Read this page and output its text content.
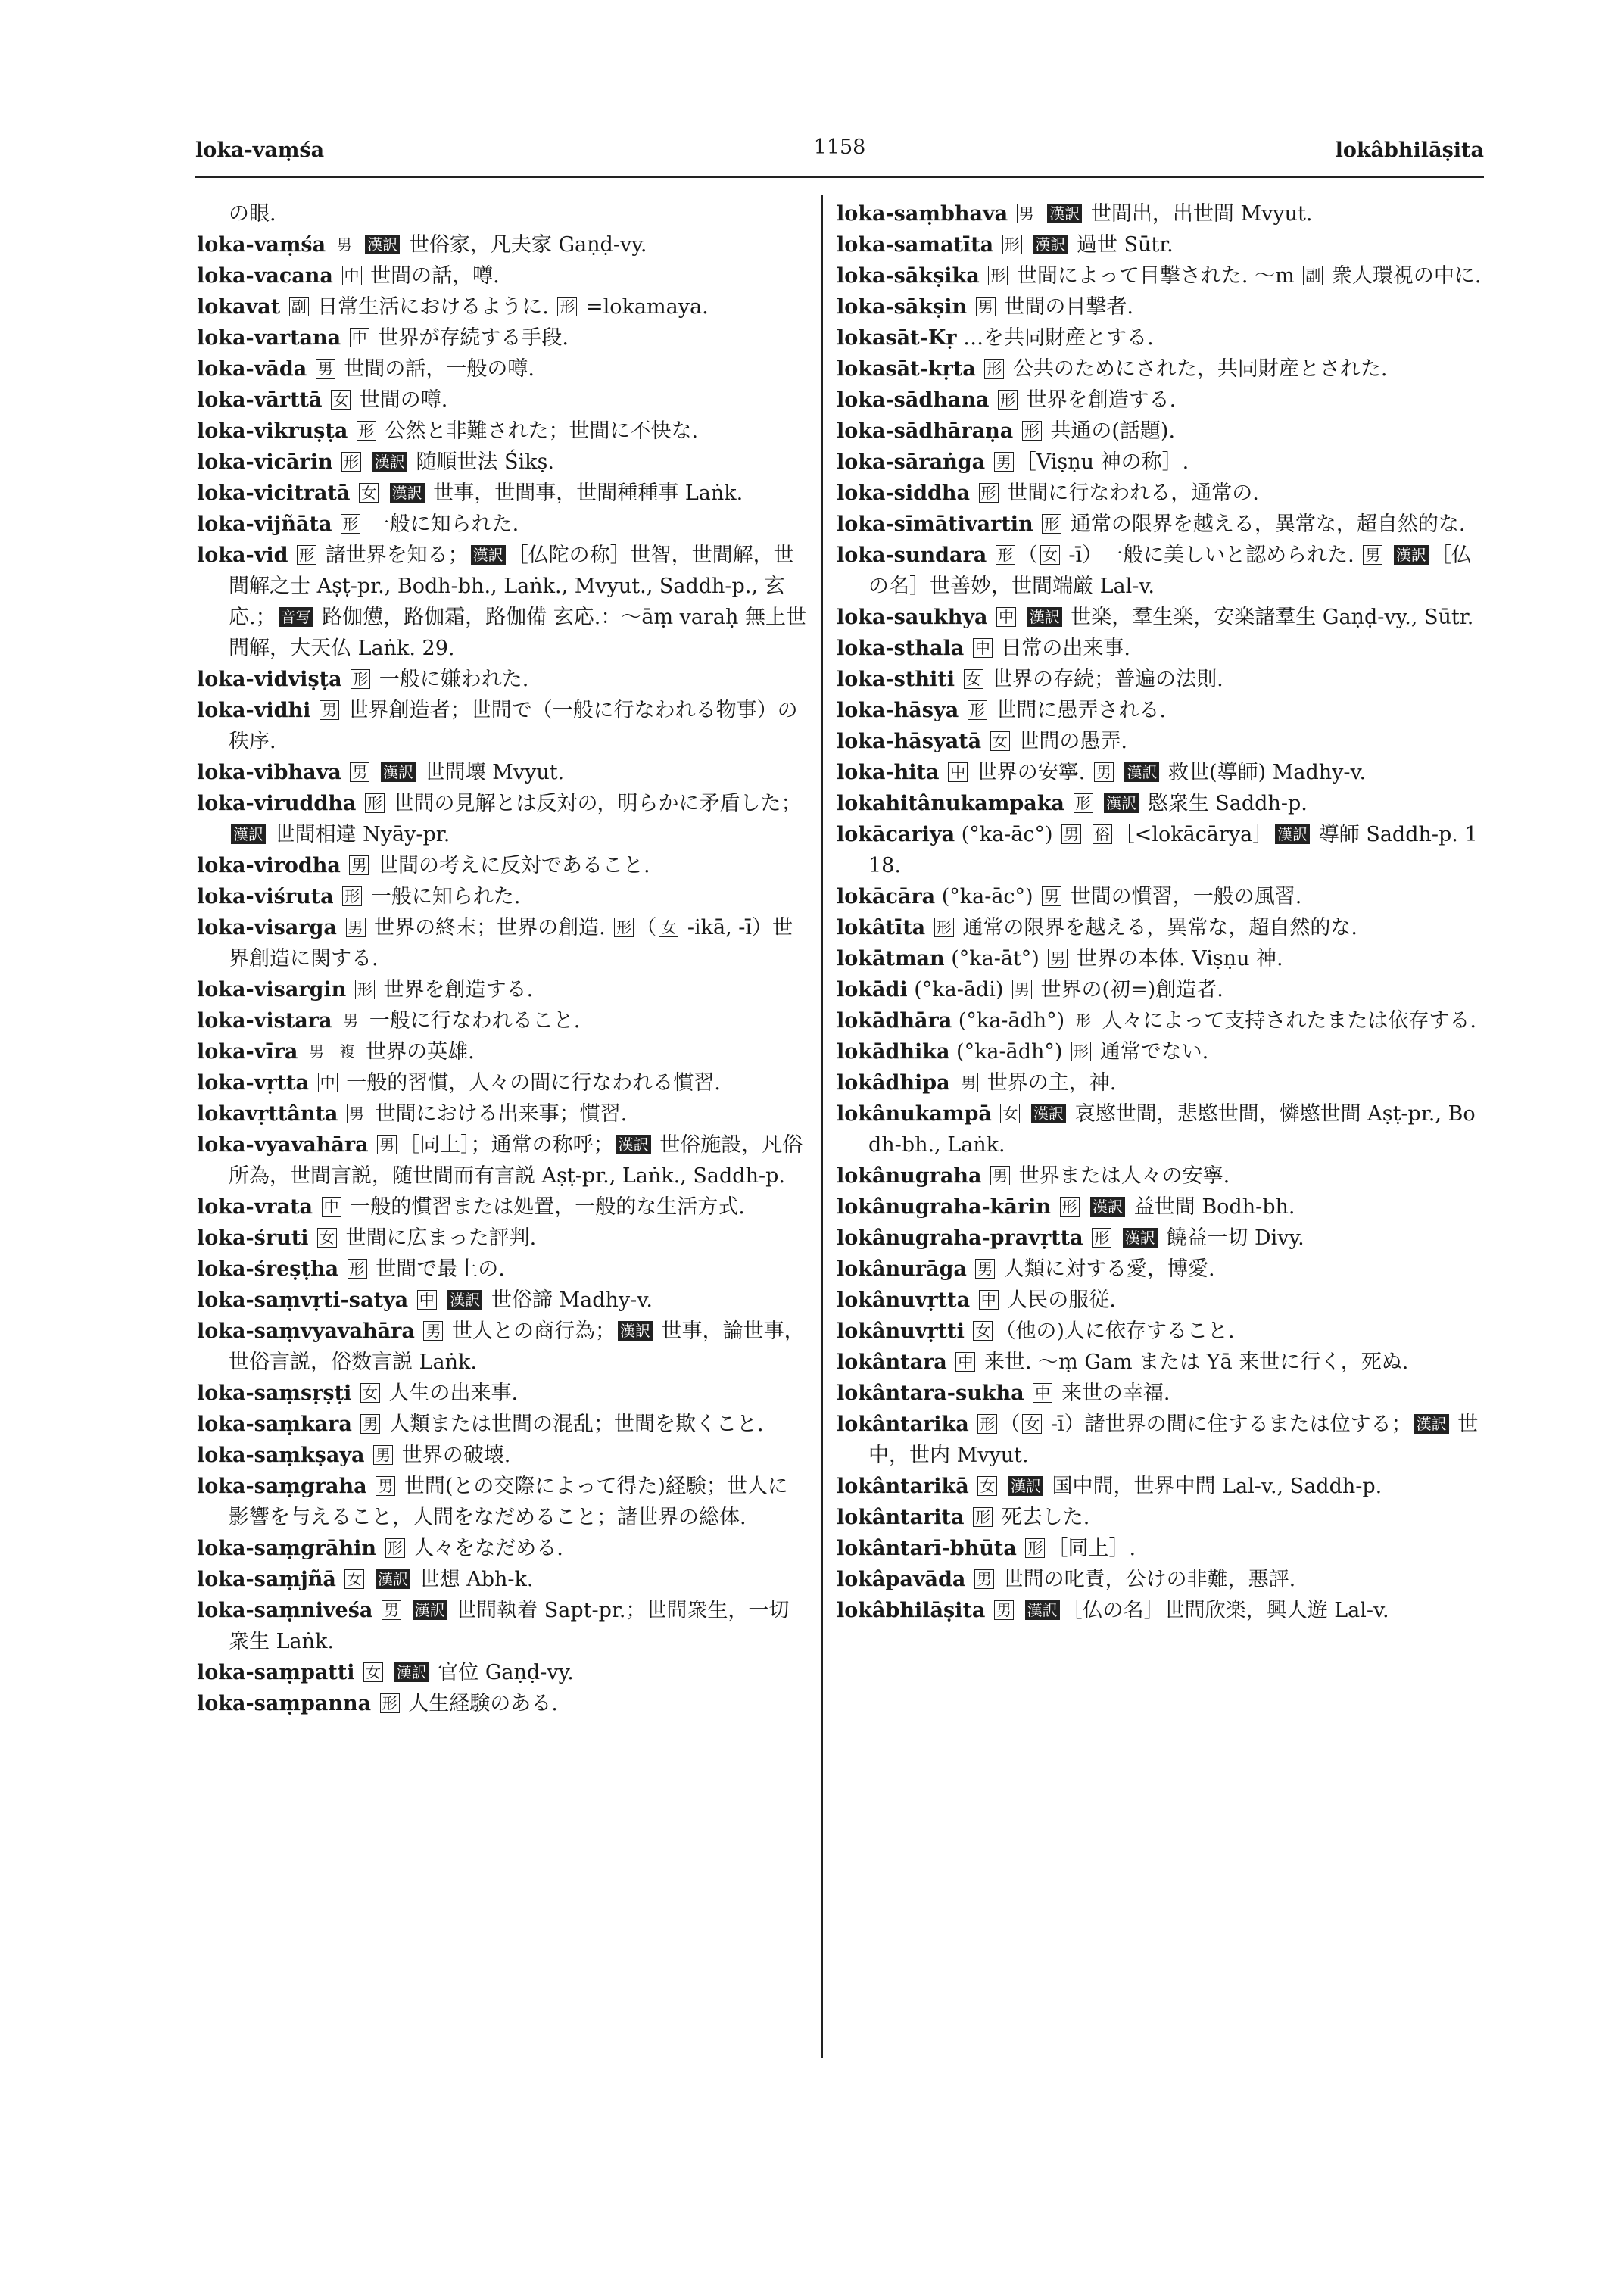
loka-vaṃśa	1158	lokâbhilāṣita
の眼.
loka-vaṃśa 男 漢訳 世俗家，凡夫家 Gaṇḍ-vy.
loka-vacana 中 世間の話，噂.
lokavat 副 日常生活におけるように. 形 =lokamaya.
loka-vartana 中 世界が存続する手段.
loka-vāda 男 世間の話，一般の噂.
loka-vārttā 女 世間の噂.
loka-vikruṣṭa 形 公然と非難された；世間に不快な.
loka-vicārin 形 漢訳 随順世法 Śikṣ.
loka-vicitratā 女 漢訳 世事，世間事，世間種種事 Laṅk.
loka-vijñāta 形 一般に知られた.
loka-vid 形 諸世界を知る； 漢訳 ［仏陀の称］世智，世間解，世間解之士 Aṣṭ-pr., Bodh-bh., Laṅk., Mvyut., Saddh-p., 玄応.； 音写 路伽憊，路伽霜，路伽備 玄応.：～āṃ varaḥ 無上世間解，大天仏 Laṅk. 29.
loka-vidviṣṭa 形 一般に嫌われた.
loka-vidhi 男 世界創造者；世間で（一般に行なわれる物事）の秩序.
loka-vibhava 男 漢訳 世間壊 Mvyut.
loka-viruddha 形 世間の見解とは反対の，明らかに矛盾した；漢訳 世間相違 Nyāy-pr.
loka-virodha 男 世間の考えに反対であること.
loka-viśruta 形 一般に知られた.
loka-visarga 男 世界の終末；世界の創造. 形 （ 女 -ikā, -ī）世界創造に関する.
loka-visargin 形 世界を創造する.
loka-vistara 男 一般に行なわれること.
loka-vīra 男 複 世界の英雄.
loka-vṛtta 中 一般的習慣，人々の間に行なわれる慣習.
lokavṛttânta 男 世間における出来事；慣習.
loka-vyavahāra 男 ［同上］；通常の称呼； 漢訳 世俗施設，凡俗所為，世間言説，随世間而有言説 Aṣṭ-pr., Laṅk., Saddh-p.
loka-vrata 中 一般的慣習または処置，一般的な生活方式.
loka-śruti 女 世間に広まった評判.
loka-śreṣṭha 形 世間で最上の.
loka-saṃvṛti-satya 中 漢訳 世俗諦 Madhy-v.
loka-saṃvyavahāra 男 世人との商行為； 漢訳 世事，論世事，世俗言説，俗数言説 Laṅk.
loka-saṃsṛṣṭi 女 人生の出来事.
loka-saṃkara 男 人類または世間の混乱；世間を欺くこと.
loka-saṃkṣaya 男 世界の破壊.
loka-saṃgraha 男 世間(との交際によって得た)経験；世人に影響を与えること，人間をなだめること；諸世界の総体.
loka-saṃgrāhin 形 人々をなだめる.
loka-saṃjñā 女 漢訳 世想 Abh-k.
loka-saṃniveśa 男 漢訳 世間執着 Sapt-pr.；世間衆生，一切衆生 Laṅk.
loka-saṃpatti 女 漢訳 官位 Gaṇḍ-vy.
loka-saṃpanna 形 人生経験のある.
loka-saṃbhava 男 漢訳 世間出，出世間 Mvyut.
loka-samatīta 形 漢訳 過世 Sūtr.
loka-sākṣika 形 世間によって目撃された. ～m 副 衆人環視の中に.
loka-sākṣin 男 世間の目撃者.
lokasāt-Kṛ …を共同財産とする.
lokasāt-kṛta 形 公共のためにされた，共同財産とされた.
loka-sādhana 形 世界を創造する.
loka-sādhāraṇa 形 共通の(話題).
loka-sāraṅga 男 ［Viṣṇu 神の称］.
loka-siddha 形 世間に行なわれる，通常の.
loka-sīmātivartin 形 通常の限界を越える，異常な，超自然的な.
loka-sundara 形 （ 女 -ī）一般に美しいと認められた. 男 漢訳 ［仏の名］世善妙，世間端厳 Lal-v.
loka-saukhya 中 漢訳 世楽，羣生楽，安楽諸羣生 Gaṇḍ-vy., Sūtr.
loka-sthala 中 日常の出来事.
loka-sthiti 女 世界の存続；普遍の法則.
loka-hāsya 形 世間に愚弄される.
loka-hāsyatā 女 世間の愚弄.
loka-hita 中 世界の安寧. 男 漢訳 救世(導師) Madhy-v.
lokahitânukampaka 形 漢訳 愍衆生 Saddh-p.
lokācariya (°ka-āc°) 男 俗 ［<lokācārya］ 漢訳 導師 Saddh-p. 118.
lokācāra (°ka-āc°) 男 世間の慣習，一般の風習.
lokâtīta 形 通常の限界を越える，異常な，超自然的な.
lokātman (°ka-āt°) 男 世界の本体. Viṣṇu 神.
lokādi (°ka-ādi) 男 世界の(初=)創造者.
lokādhāra (°ka-ādh°) 形 人々によって支持されたまたは依存する.
lokādhika (°ka-ādh°) 形 通常でない.
lokâdhipa 男 世界の主，神.
lokânukampā 女 漢訳 哀愍世間，悲愍世間，憐愍世間 Aṣṭ-pr., Bodh-bh., Laṅk.
lokânugraha 男 世界または人々の安寧.
lokânugraha-kārin 形 漢訳 益世間 Bodh-bh.
lokânugraha-pravṛtta 形 漢訳 饒益一切 Divy.
lokânurāga 男 人類に対する愛，博愛.
lokânuvṛtta 中 人民の服従.
lokânuvṛtti 女 （他の)人に依存すること.
lokântara 中 来世. ～ṃ Gam または Yā 来世に行く，死ぬ.
lokântara-sukha 中 来世の幸福.
lokântarika 形 （ 女 -ī）諸世界の間に住するまたは位する； 漢訳 世中，世内 Mvyut.
lokântarikā 女 漢訳 国中間，世界中間 Lal-v., Saddh-p.
lokântarita 形 死去した.
lokântarī-bhūta 形 ［同上］.
lokâpavāda 男 世間の叱責，公けの非難，悪評.
lokâbhilāṣita 男 漢訳 ［仏の名］世間欣楽，興人遊 Lal-v.
